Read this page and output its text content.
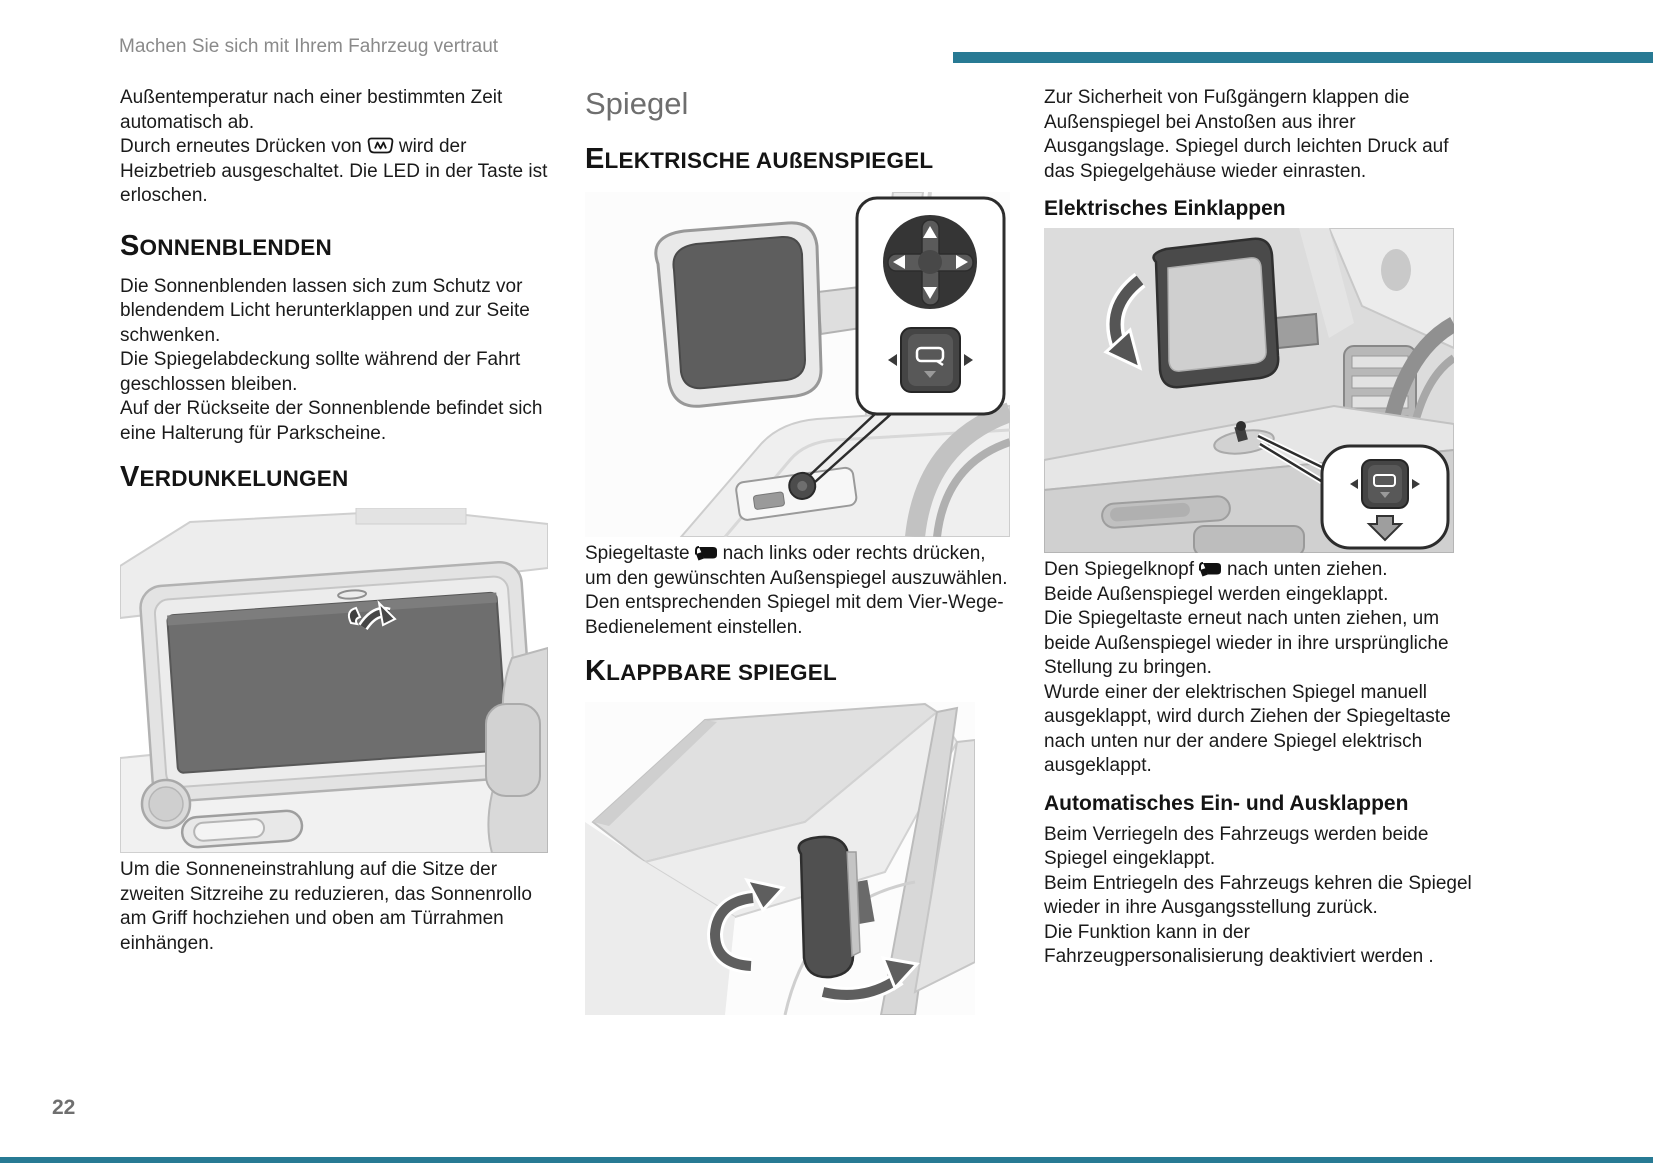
Machen Sie sich mit Ihrem Fahrzeug vertraut

Außentemperatur nach einer bestimmten Zeit automatisch ab.

Durch erneutes Drücken von wird der Heizbetrieb ausgeschaltet. Die LED in der Taste ist erloschen.

SONNENBLENDEN

Die Sonnenblenden lassen sich zum Schutz vor blendendem Licht herunterklappen und zur Seite schwenken.

Die Spiegelabdeckung sollte während der Fahrt geschlossen bleiben.

Auf der Rückseite der Sonnenblende befindet sich eine Halterung für Parkscheine.

VERDUNKELUNGEN

Um die Sonneneinstrahlung auf die Sitze der zweiten Sitzreihe zu reduzieren, das Sonnenrollo am Griff hochziehen und oben am Türrahmen einhängen.

Spiegel
ELEKTRISCHE AUßENSPIEGEL

Spiegeltaste nach links oder rechts drücken, um den gewünschten Außenspiegel auszuwählen.

Den entsprechenden Spiegel mit dem Vier-Wege-Bedienelement einstellen.

KLAPPBARE SPIEGEL

Zur Sicherheit von Fußgängern klappen die Außenspiegel bei Anstoßen aus ihrer Ausgangslage. Spiegel durch leichten Druck auf das Spiegelgehäuse wieder einrasten.

Elektrisches Einklappen

Den Spiegelknopf nach unten ziehen.

Beide Außenspiegel werden eingeklappt.

Die Spiegeltaste erneut nach unten ziehen, um beide Außenspiegel wieder in ihre ursprüngliche Stellung zu bringen.

Wurde einer der elektrischen Spiegel manuell ausgeklappt, wird durch Ziehen der Spiegeltaste nach unten nur der andere Spiegel elektrisch ausgeklappt.

Automatisches Ein- und Ausklappen

Beim Verriegeln des Fahrzeugs werden beide Spiegel eingeklappt.

Beim Entriegeln des Fahrzeugs kehren die Spiegel wieder in ihre Ausgangsstellung zurück.

Die Funktion kann in der Fahrzeugpersonalisierung deaktiviert werden .

22
